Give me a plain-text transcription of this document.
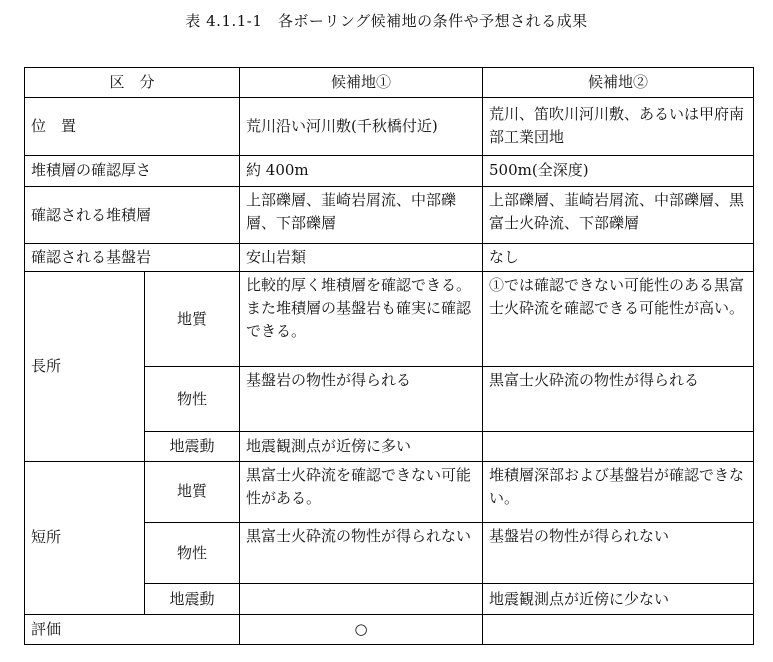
表 4.1.1-1　各ボーリング候補地の条件や予想される成果
区　分		候補地①	候補地②
位　置		荒川沿い河川敷(千秋橋付近)	荒川、笛吹川河川敷、あるいは甲府南部工業団地
堆積層の確認厚さ		約 400m	500m(全深度)
確認される堆積層		上部礫層、韮崎岩屑流、中部礫層、下部礫層	上部礫層、韮崎岩屑流、中部礫層、黒富士火砕流、下部礫層
確認される基盤岩		安山岩類	なし
長所	地質	比較的厚く堆積層を確認できる。また堆積層の基盤岩も確実に確認できる。	①では確認できない可能性のある黒富士火砕流を確認できる可能性が高い。
	物性	基盤岩の物性が得られる	黒富士火砕流の物性が得られる
	地震動	地震観測点が近傍に多い	
短所	地質	黒富士火砕流を確認できない可能性がある。	堆積層深部および基盤岩が確認できない。
	物性	黒富士火砕流の物性が得られない	基盤岩の物性が得られない
	地震動		地震観測点が近傍に少ない
評価		○	
